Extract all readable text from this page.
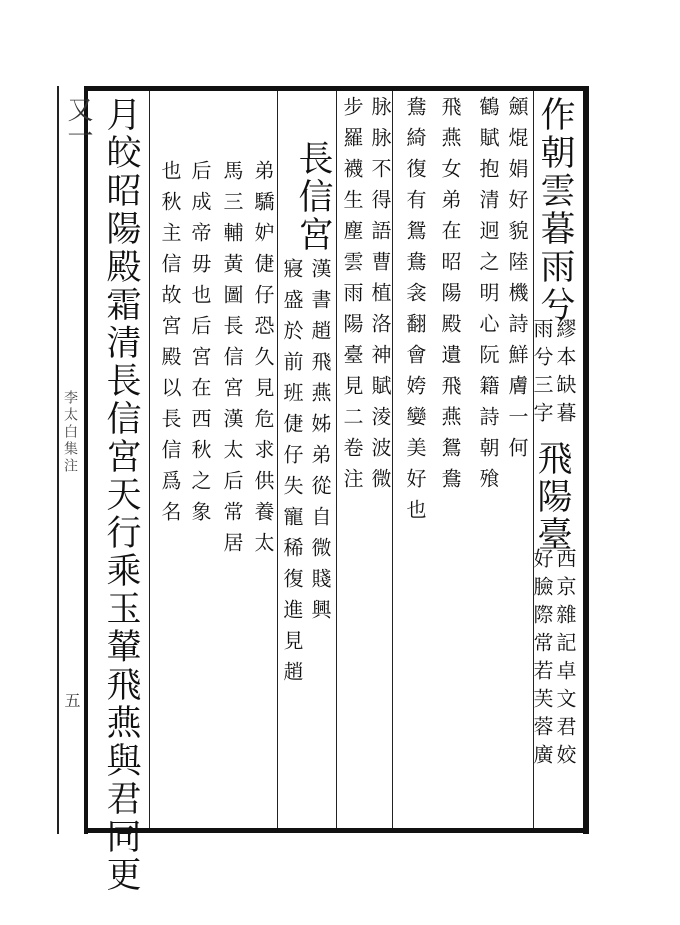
又一
李太白集注
五
作朝雲暮雨兮
繆本缺暮
雨兮三字
飛陽臺
西京雜記卓文君姣
好臉際常若芙蓉廣
顩焜娟好貌陸機詩鮮膚一何
鶴賦抱清迥之明心阮籍詩朝飱
飛燕女弟在昭陽殿遺飛燕鴛鴦
鴦綺復有鴛鴦衾翻會姱孌美好也
脉脉不得語曹植洛神賦淩波微
步羅襪生塵雲雨陽臺見二卷注
長信宮
漢書趙飛燕姊弟從自微賤興
寢盛於前班倢仔失寵稀復進見趙
弟驕妒倢仔恐久見危求供養太
馬三輔黃圖長信宮漢太后常居
后成帝毋也后宮在西秋之象
也秋主信故宮殿以長信爲名
月皎昭陽殿霜清長信宮天行乘玉輦飛燕與君同更
